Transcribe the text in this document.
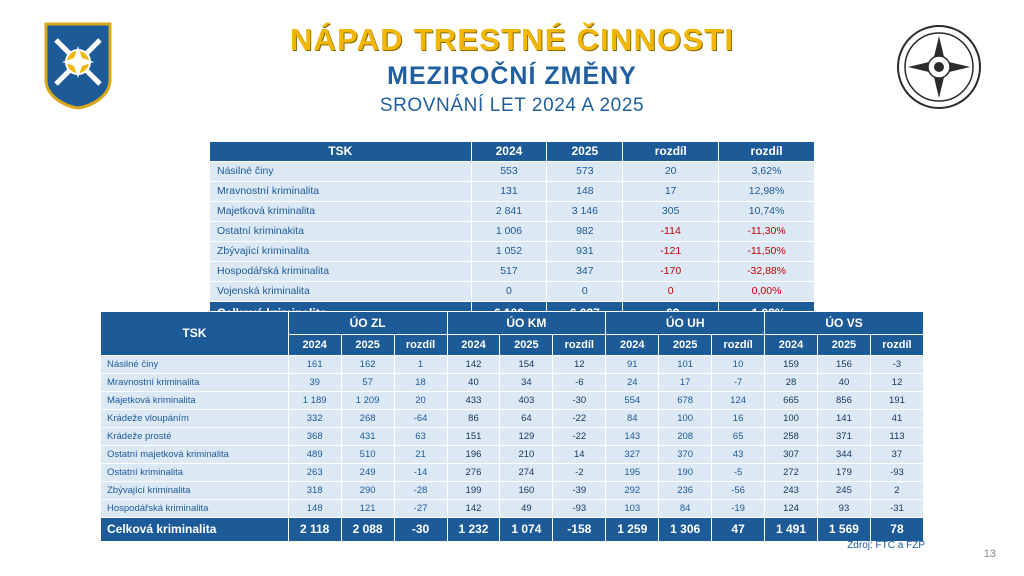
NÁPAD TRESTNÉ ČINNOSTI
MEZIROČNÍ ZMĚNY
SROVNÁNÍ LET 2024 A 2025
TSK	2024	2025	rozdíl	rozdíl
Násilné činy	553	573	20	3,62%
Mravnostní kriminalita	131	148	17	12,98%
Majetková kriminalita	2 841	3 146	305	10,74%
Ostatní kriminakita	1 006	982	-114	-11,30%
Zbývající kriminalita	1 052	931	-121	-11,50%
Hospodářská kriminalita	517	347	-170	-32,88%
Vojenská kriminalita	0	0	0	0,00%

TSK	ÚO ZL			ÚO KM			ÚO UH			ÚO VS		
	2024	2025	rozdíl	2024	2025	rozdíl	2024	2025	rozdíl	2024	2025	rozdíl
Násilné činy	161	162	1	142	154	12	91	101	10	159	156	-3
Mravnostní kriminalita	39	57	18	40	34	-6	24	17	-7	28	40	12
Majetková kriminalita	1 189	1 209	20	433	403	-30	554	678	124	665	856	191
Krádeže vloupáním	332	268	-64	86	64	-22	84	100	16	100	141	41
Krádeže prosté	368	431	63	151	129	-22	143	208	65	258	371	113
Ostatní majetková kriminalita	489	510	21	196	210	14	327	370	43	307	344	37
Ostatní kriminalita	263	249	-14	276	274	-2	195	190	-5	272	179	-93
Zbývající kriminalita	318	290	-28	199	160	-39	292	236	-56	243	245	2
Hospodářská kriminalita	148	121	-27	142	49	-93	103	84	-19	124	93	-31
Celková kriminalita	2 118	2 088	-30	1 232	1 074	-158	1 259	1 306	47	1 491	1 569	78
Zdroj: FTČ a FZP
13
